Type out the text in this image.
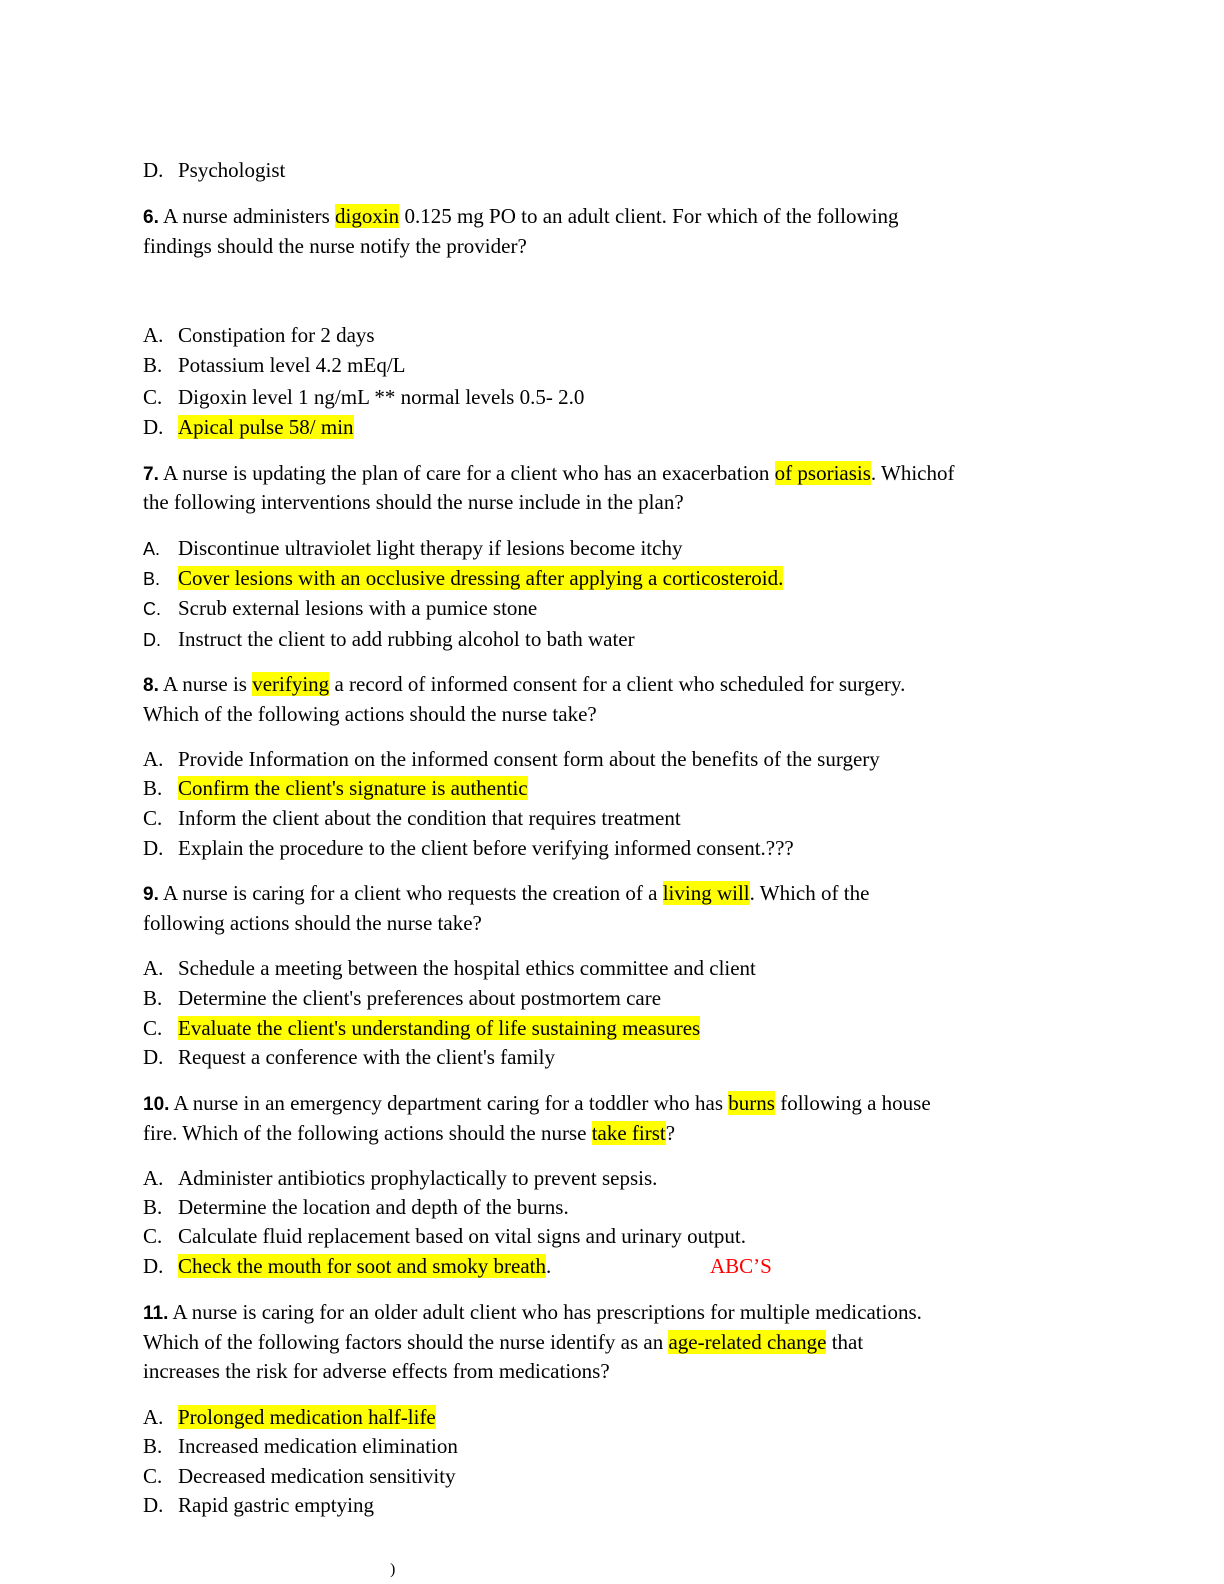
D. Psychologist
6. A nurse administers digoxin 0.125 mg PO to an adult client. For which of the following
findings should the nurse notify the provider?
A. Constipation for 2 days
B. Potassium level 4.2 mEq/L
C. Digoxin level 1 ng/mL ** normal levels 0.5- 2.0
D. Apical pulse 58/ min
7. A nurse is updating the plan of care for a client who has an exacerbation of psoriasis. Whichof
the following interventions should the nurse include in the plan?
A. Discontinue ultraviolet light therapy if lesions become itchy
B. Cover lesions with an occlusive dressing after applying a corticosteroid.
C. Scrub external lesions with a pumice stone
D. Instruct the client to add rubbing alcohol to bath water
8. A nurse is verifying a record of informed consent for a client who scheduled for surgery.
Which of the following actions should the nurse take?
A. Provide Information on the informed consent form about the benefits of the surgery
B. Confirm the client's signature is authentic
C. Inform the client about the condition that requires treatment
D. Explain the procedure to the client before verifying informed consent.???
9. A nurse is caring for a client who requests the creation of a living will. Which of the
following actions should the nurse take?
A. Schedule a meeting between the hospital ethics committee and client
B. Determine the client's preferences about postmortem care
C. Evaluate the client's understanding of life sustaining measures
D. Request a conference with the client's family
10. A nurse in an emergency department caring for a toddler who has burns following a house
fire. Which of the following actions should the nurse take first?
A. Administer antibiotics prophylactically to prevent sepsis.
B. Determine the location and depth of the burns.
C. Calculate fluid replacement based on vital signs and urinary output.
D. Check the mouth for soot and smoky breath.	ABC’S
11. A nurse is caring for an older adult client who has prescriptions for multiple medications.
Which of the following factors should the nurse identify as an age-related change that
increases the risk for adverse effects from medications?
A. Prolonged medication half-life
B. Increased medication elimination
C. Decreased medication sensitivity
D. Rapid gastric emptying
)
